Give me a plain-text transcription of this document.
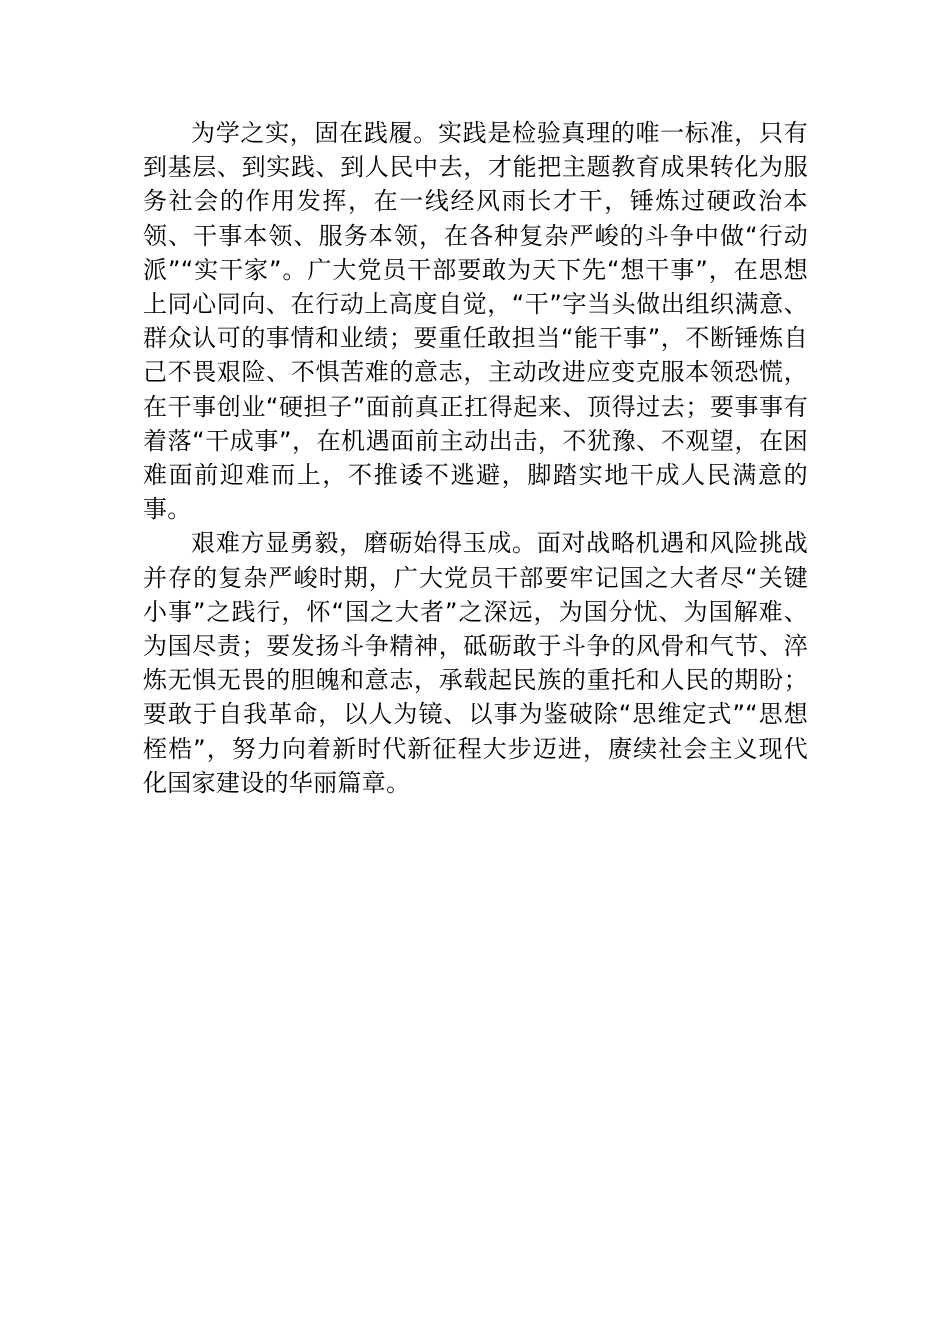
为学之实，固在践履。实践是检验真理的唯一标准，只有到基层、到实践、到人民中去，才能把主题教育成果转化为服务社会的作用发挥，在一线经风雨长才干，锤炼过硬政治本领、干事本领、服务本领，在各种复杂严峻的斗争中做“行动派”“实干家”。广大党员干部要敢为天下先“想干事”，在思想上同心同向、在行动上高度自觉，“干”字当头做出组织满意、群众认可的事情和业绩；要重任敢担当“能干事”，不断锤炼自己不畏艰险、不惧苦难的意志，主动改进应变克服本领恐慌，在干事创业“硬担子”面前真正扛得起来、顶得过去；要事事有着落“干成事”，在机遇面前主动出击，不犹豫、不观望，在困难面前迎难而上，不推诿不逃避，脚踏实地干成人民满意的事。

艰难方显勇毅，磨砺始得玉成。面对战略机遇和风险挑战并存的复杂严峻时期，广大党员干部要牢记国之大者尽“关键小事”之践行，怀“国之大者”之深远，为国分忧、为国解难、为国尽责；要发扬斗争精神，砥砺敢于斗争的风骨和气节、淬炼无惧无畏的胆魄和意志，承载起民族的重托和人民的期盼；要敢于自我革命，以人为镜、以事为鉴破除“思维定式”“思想桎梏”，努力向着新时代新征程大步迈进，赓续社会主义现代化国家建设的华丽篇章。
